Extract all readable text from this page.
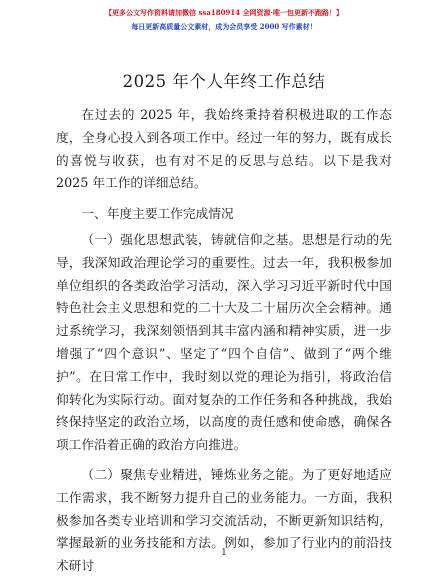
【更多公文写作资料请加微信 ssa180914 全网资源·唯一包更新不跑路！】
每日更新高质量公文素材，成为会员享受 2000 写作素材！
2025 年个人年终工作总结

在过去的 2025 年，我始终秉持着积极进取的工作态度，全身心投入到各项工作中。经过一年的努力，既有成长的喜悦与收获，也有对不足的反思与总结。以下是我对 2025 年工作的详细总结。

一、年度主要工作完成情况

（一）强化思想武装，铸就信仰之基。思想是行动的先导，我深知政治理论学习的重要性。过去一年，我积极参加单位组织的各类政治学习活动，深入学习习近平新时代中国特色社会主义思想和党的二十大及二十届历次全会精神。通过系统学习，我深刻领悟到其丰富内涵和精神实质，进一步增强了“四个意识”、坚定了“四个自信”、做到了“两个维护”。在日常工作中，我时刻以党的理论为指引，将政治信仰转化为实际行动。面对复杂的工作任务和各种挑战，我始终保持坚定的政治立场，以高度的责任感和使命感，确保各项工作沿着正确的政治方向推进。

（二）聚焦专业精进，锤炼业务之能。为了更好地适应工作需求，我不断努力提升自己的业务能力。一方面，我积极参加各类专业培训和学习交流活动，不断更新知识结构，掌握最新的业务技能和方法。例如，参加了行业内的前沿技术研讨

1
